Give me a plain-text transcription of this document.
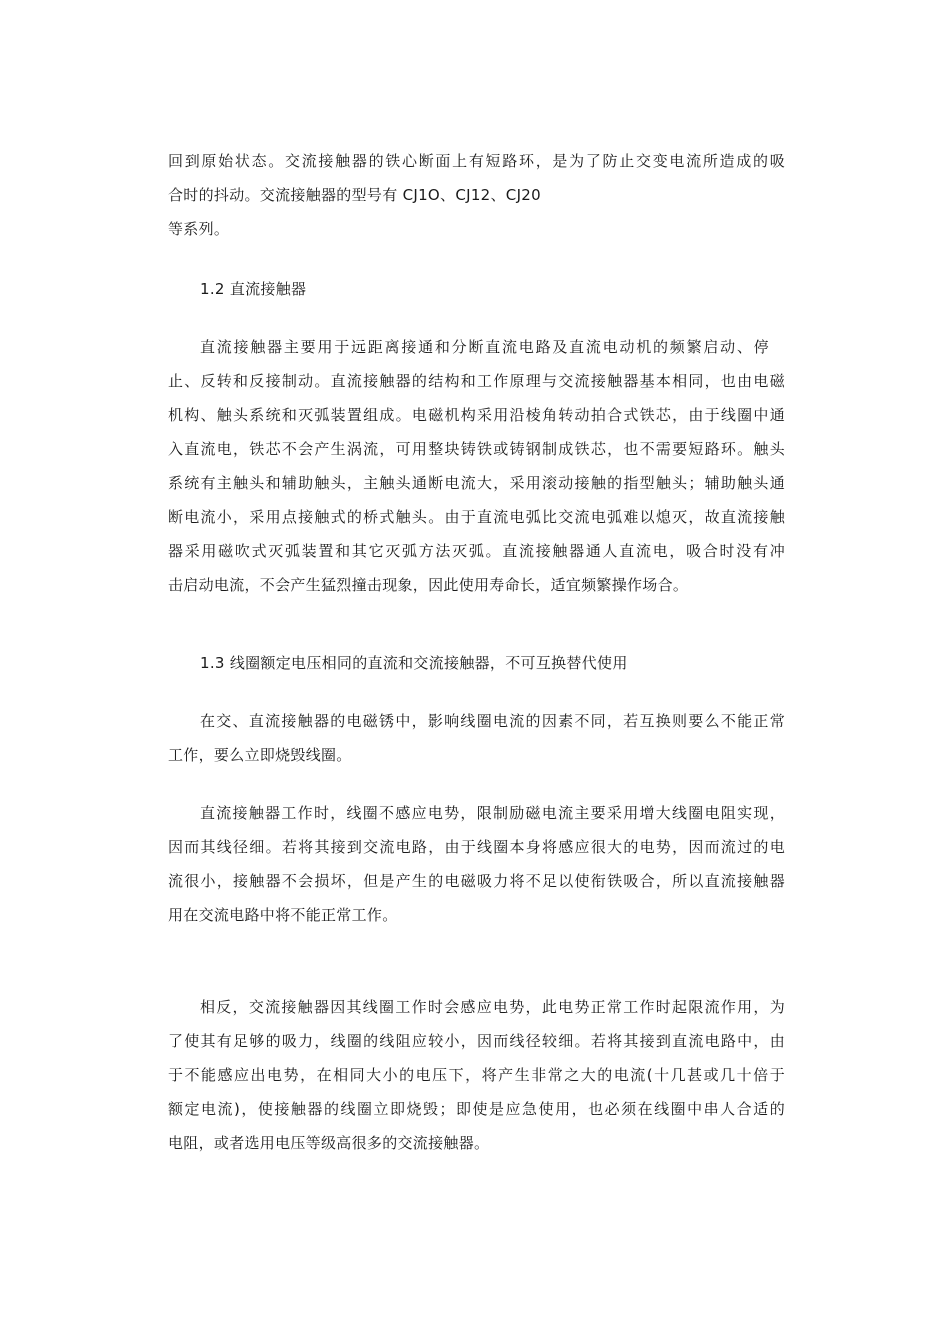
回到原始状态。交流接触器的铁心断面上有短路环，是为了防止交变电流所造成的吸
合时的抖动。交流接触器的型号有 CJ1O、CJ12、CJ20
等系列。
1.2 直流接触器
直流接触器主要用于远距离接通和分断直流电路及直流电动机的频繁启动、停
止、反转和反接制动。直流接触器的结构和工作原理与交流接触器基本相同，也由电磁
机构、触头系统和灭弧装置组成。电磁机构采用沿棱角转动拍合式铁芯，由于线圈中通
入直流电，铁芯不会产生涡流，可用整块铸铁或铸钢制成铁芯，也不需要短路环。触头
系统有主触头和辅助触头，主触头通断电流大，采用滚动接触的指型触头；辅助触头通
断电流小，采用点接触式的桥式触头。由于直流电弧比交流电弧难以熄灭，故直流接触
器采用磁吹式灭弧装置和其它灭弧方法灭弧。直流接触器通人直流电，吸合时没有冲
击启动电流，不会产生猛烈撞击现象，因此使用寿命长，适宜频繁操作场合。
1.3 线圈额定电压相同的直流和交流接触器，不可互换替代使用
在交、直流接触器的电磁锈中，影响线圈电流的因素不同，若互换则要么不能正常
工作，要么立即烧毁线圈。
直流接触器工作时，线圈不感应电势，限制励磁电流主要采用增大线圈电阻实现，
因而其线径细。若将其接到交流电路，由于线圈本身将感应很大的电势，因而流过的电
流很小，接触器不会损坏，但是产生的电磁吸力将不足以使衔铁吸合，所以直流接触器
用在交流电路中将不能正常工作。
相反，交流接触器因其线圈工作时会感应电势，此电势正常工作时起限流作用，为
了使其有足够的吸力，线圈的线阻应较小，因而线径较细。若将其接到直流电路中，由
于不能感应出电势，在相同大小的电压下，将产生非常之大的电流(十几甚或几十倍于
额定电流)，使接触器的线圈立即烧毁；即使是应急使用，也必须在线圈中串人合适的
电阻，或者选用电压等级高很多的交流接触器。
